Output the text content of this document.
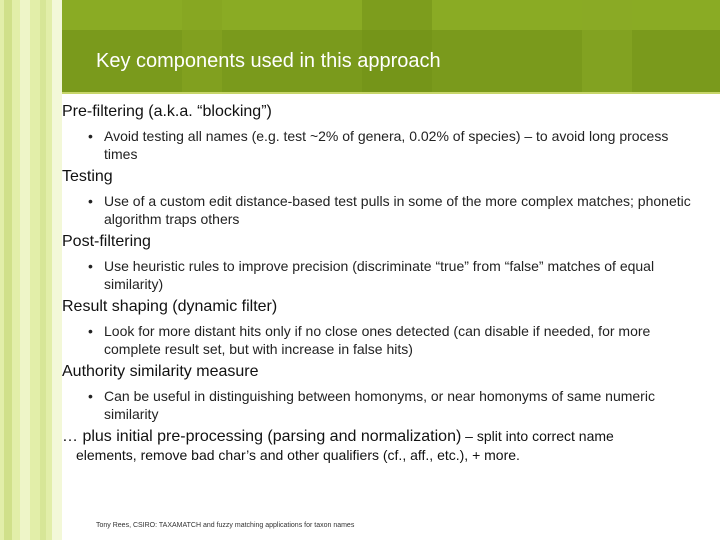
Key components used in this approach

Pre-filtering (a.k.a. “blocking”)

• Avoid testing all names (e.g. test ~2% of genera, 0.02% of species) – to avoid long process times

Testing

• Use of a custom edit distance-based test pulls in some of the more complex matches; phonetic algorithm traps others

Post-filtering

• Use heuristic rules to improve precision (discriminate “true” from “false” matches of equal similarity)

Result shaping (dynamic filter)

• Look for more distant hits only if no close ones detected (can disable if needed, for more complete result set, but with increase in false hits)

Authority similarity measure

• Can be useful in distinguishing between homonyms, or near homonyms of same numeric similarity
… plus initial pre-processing (parsing and normalization) – split into correct name
elements, remove bad char’s and other qualifiers (cf., aff., etc.), + more.
Tony Rees, CSIRO: TAXAMATCH and fuzzy matching applications for taxon names
